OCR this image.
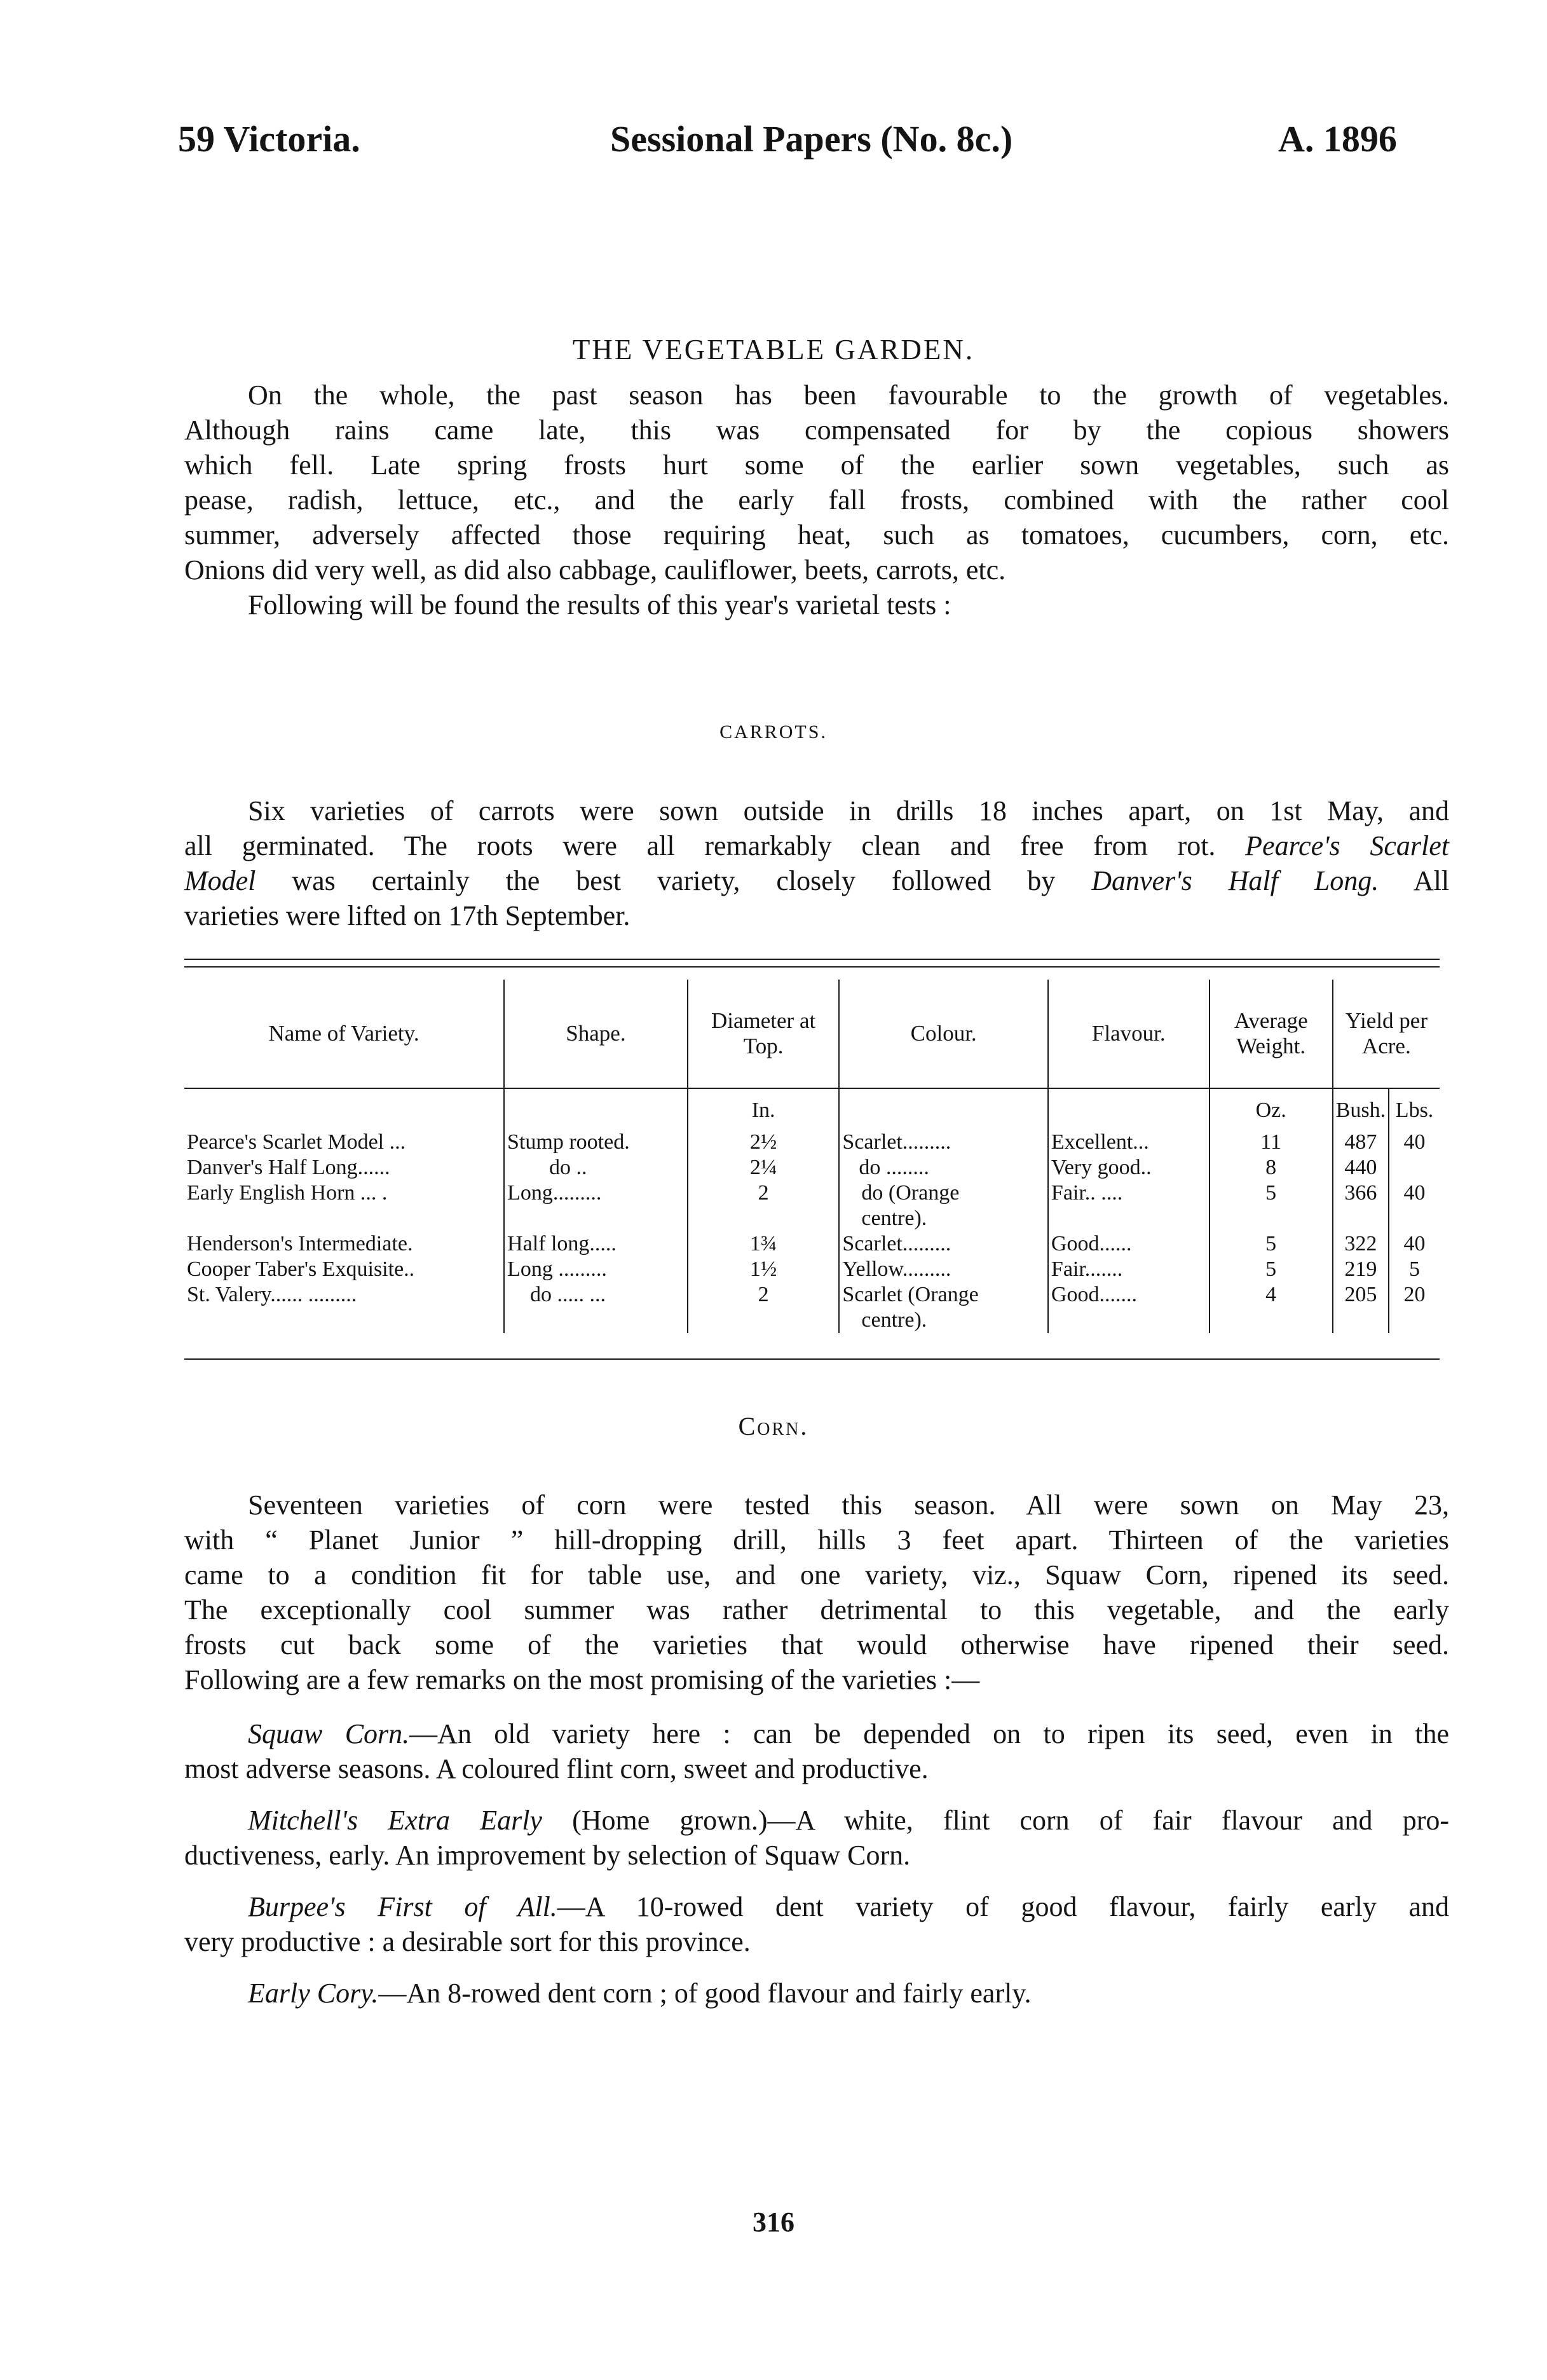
59 Victoria.	Sessional Papers (No. 8c.)	A. 1896
THE VEGETABLE GARDEN.

On the whole, the past season has been favourable to the growth of vegetables.
Although rains came late, this was compensated for by the copious showers
which fell. Late spring frosts hurt some of the earlier sown vegetables, such as
pease, radish, lettuce, etc., and the early fall frosts, combined with the rather cool
summer, adversely affected those requiring heat, such as tomatoes, cucumbers, corn, etc.
Onions did very well, as did also cabbage, cauliflower, beets, carrots, etc.
Following will be found the results of this year's varietal tests :

CARROTS.

Six varieties of carrots were sown outside in drills 18 inches apart, on 1st May, and
all germinated. The roots were all remarkably clean and free from rot. Pearce's Scarlet
Model was certainly the best variety, closely followed by Danver's Half Long. All
varieties were lifted on 17th September.

Name of Variety.	Shape.	Diameter at Top.	Colour.	Flavour.	Average Weight.	Yield per Acre.	
		In.			Oz.	Bush.	Lbs.
Pearce's Scarlet Model ...	Stump rooted.	2½	Scarlet.........	Excellent...	11	487	40
Danver's Half Long......	do ..	2¼	do ........	Very good..	8	440	
Early English Horn ... .	Long.........	2	do (Orange
centre).	Fair.. ....	5	366	40
Henderson's Intermediate.	Half long.....	1¾	Scarlet.........	Good......	5	322	40
Cooper Taber's Exquisite..	Long .........	1½	Yellow.........	Fair.......	5	219	5
St. Valery...... .........	do ..... ...	2	Scarlet (Orange
centre).	Good.......	4	205	20
Corn.

Seventeen varieties of corn were tested this season. All were sown on May 23,
with “ Planet Junior ” hill-dropping drill, hills 3 feet apart. Thirteen of the varieties
came to a condition fit for table use, and one variety, viz., Squaw Corn, ripened its seed.
The exceptionally cool summer was rather detrimental to this vegetable, and the early
frosts cut back some of the varieties that would otherwise have ripened their seed.
Following are a few remarks on the most promising of the varieties :—

Squaw Corn.—An old variety here : can be depended on to ripen its seed, even in the
most adverse seasons. A coloured flint corn, sweet and productive.

Mitchell's Extra Early (Home grown.)—A white, flint corn of fair flavour and pro-
ductiveness, early. An improvement by selection of Squaw Corn.

Burpee's First of All.—A 10-rowed dent variety of good flavour, fairly early and
very productive : a desirable sort for this province.

Early Cory.—An 8-rowed dent corn ; of good flavour and fairly early.

316
